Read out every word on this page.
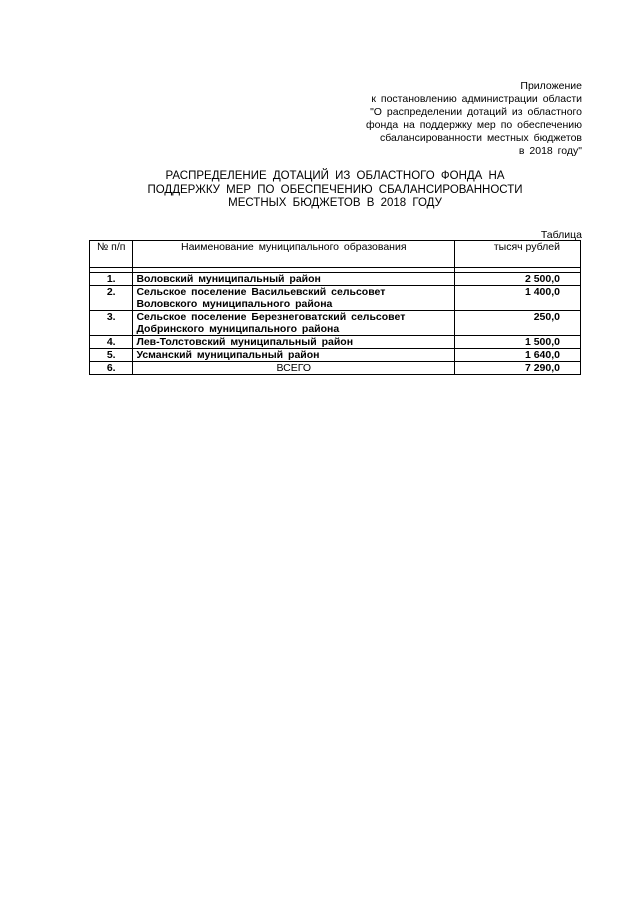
Приложение
к постановлению администрации области
"О распределении дотаций из областного
фонда на поддержку мер по обеспечению
сбалансированности местных бюджетов
в 2018 году"
РАСПРЕДЕЛЕНИЕ ДОТАЦИЙ ИЗ ОБЛАСТНОГО ФОНДА НА
ПОДДЕРЖКУ МЕР ПО ОБЕСПЕЧЕНИЮ СБАЛАНСИРОВАННОСТИ
МЕСТНЫХ БЮДЖЕТОВ В 2018 ГОДУ
Таблица
№ п/п	Наименование муниципального образования	тысяч рублей

1.	Воловский муниципальный район	2 500,0
2.	Сельское поселение Васильевский сельсовет
Воловского муниципального района	1 400,0
3.	Сельское поселение Березнеговатский сельсовет
Добринского муниципального района	250,0
4.	Лев-Толстовский муниципальный район	1 500,0
5.	Усманский муниципальный район	1 640,0
6.	ВСЕГО	7 290,0
